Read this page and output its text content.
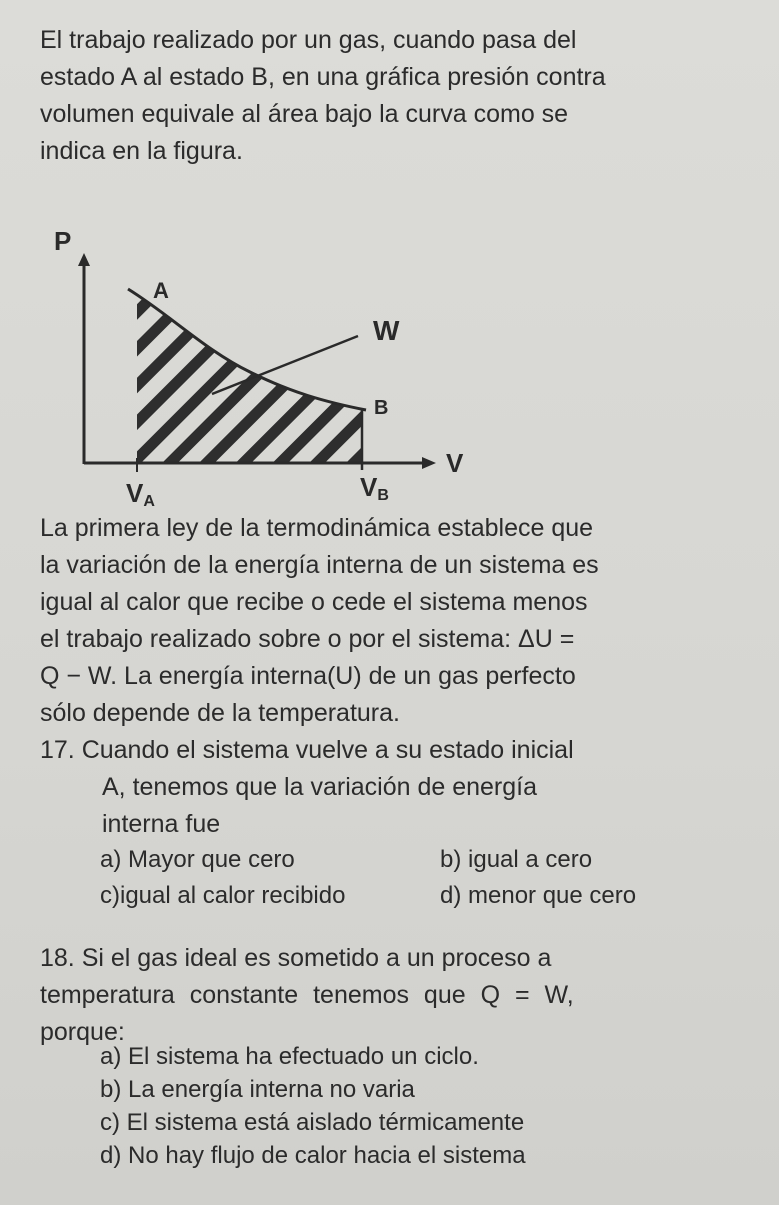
El trabajo realizado por un gas, cuando pasa del
estado A al estado B, en una gráfica presión contra
volumen equivale al área bajo la curva como se
indica en la figura.
P
V
A
B
W
VA	VB
La primera ley de la termodinámica establece que
la variación de la energía interna de un sistema es
igual al calor que recibe o cede el sistema menos
el trabajo realizado sobre o por el sistema: ΔU =
Q − W. La energía interna(U) de un gas perfecto
sólo depende de la temperatura.
17. Cuando el sistema vuelve a su estado inicial
A, tenemos que la variación de energía
interna fue
a) Mayor que cero	b) igual a cero
c)igual al calor recibido	d) menor que cero
18. Si el gas ideal es sometido a un proceso a
temperatura constante tenemos que Q = W,
porque:
a) El sistema ha efectuado un ciclo.
b) La energía interna no varia
c) El sistema está aislado térmicamente
d) No hay flujo de calor hacia el sistema
